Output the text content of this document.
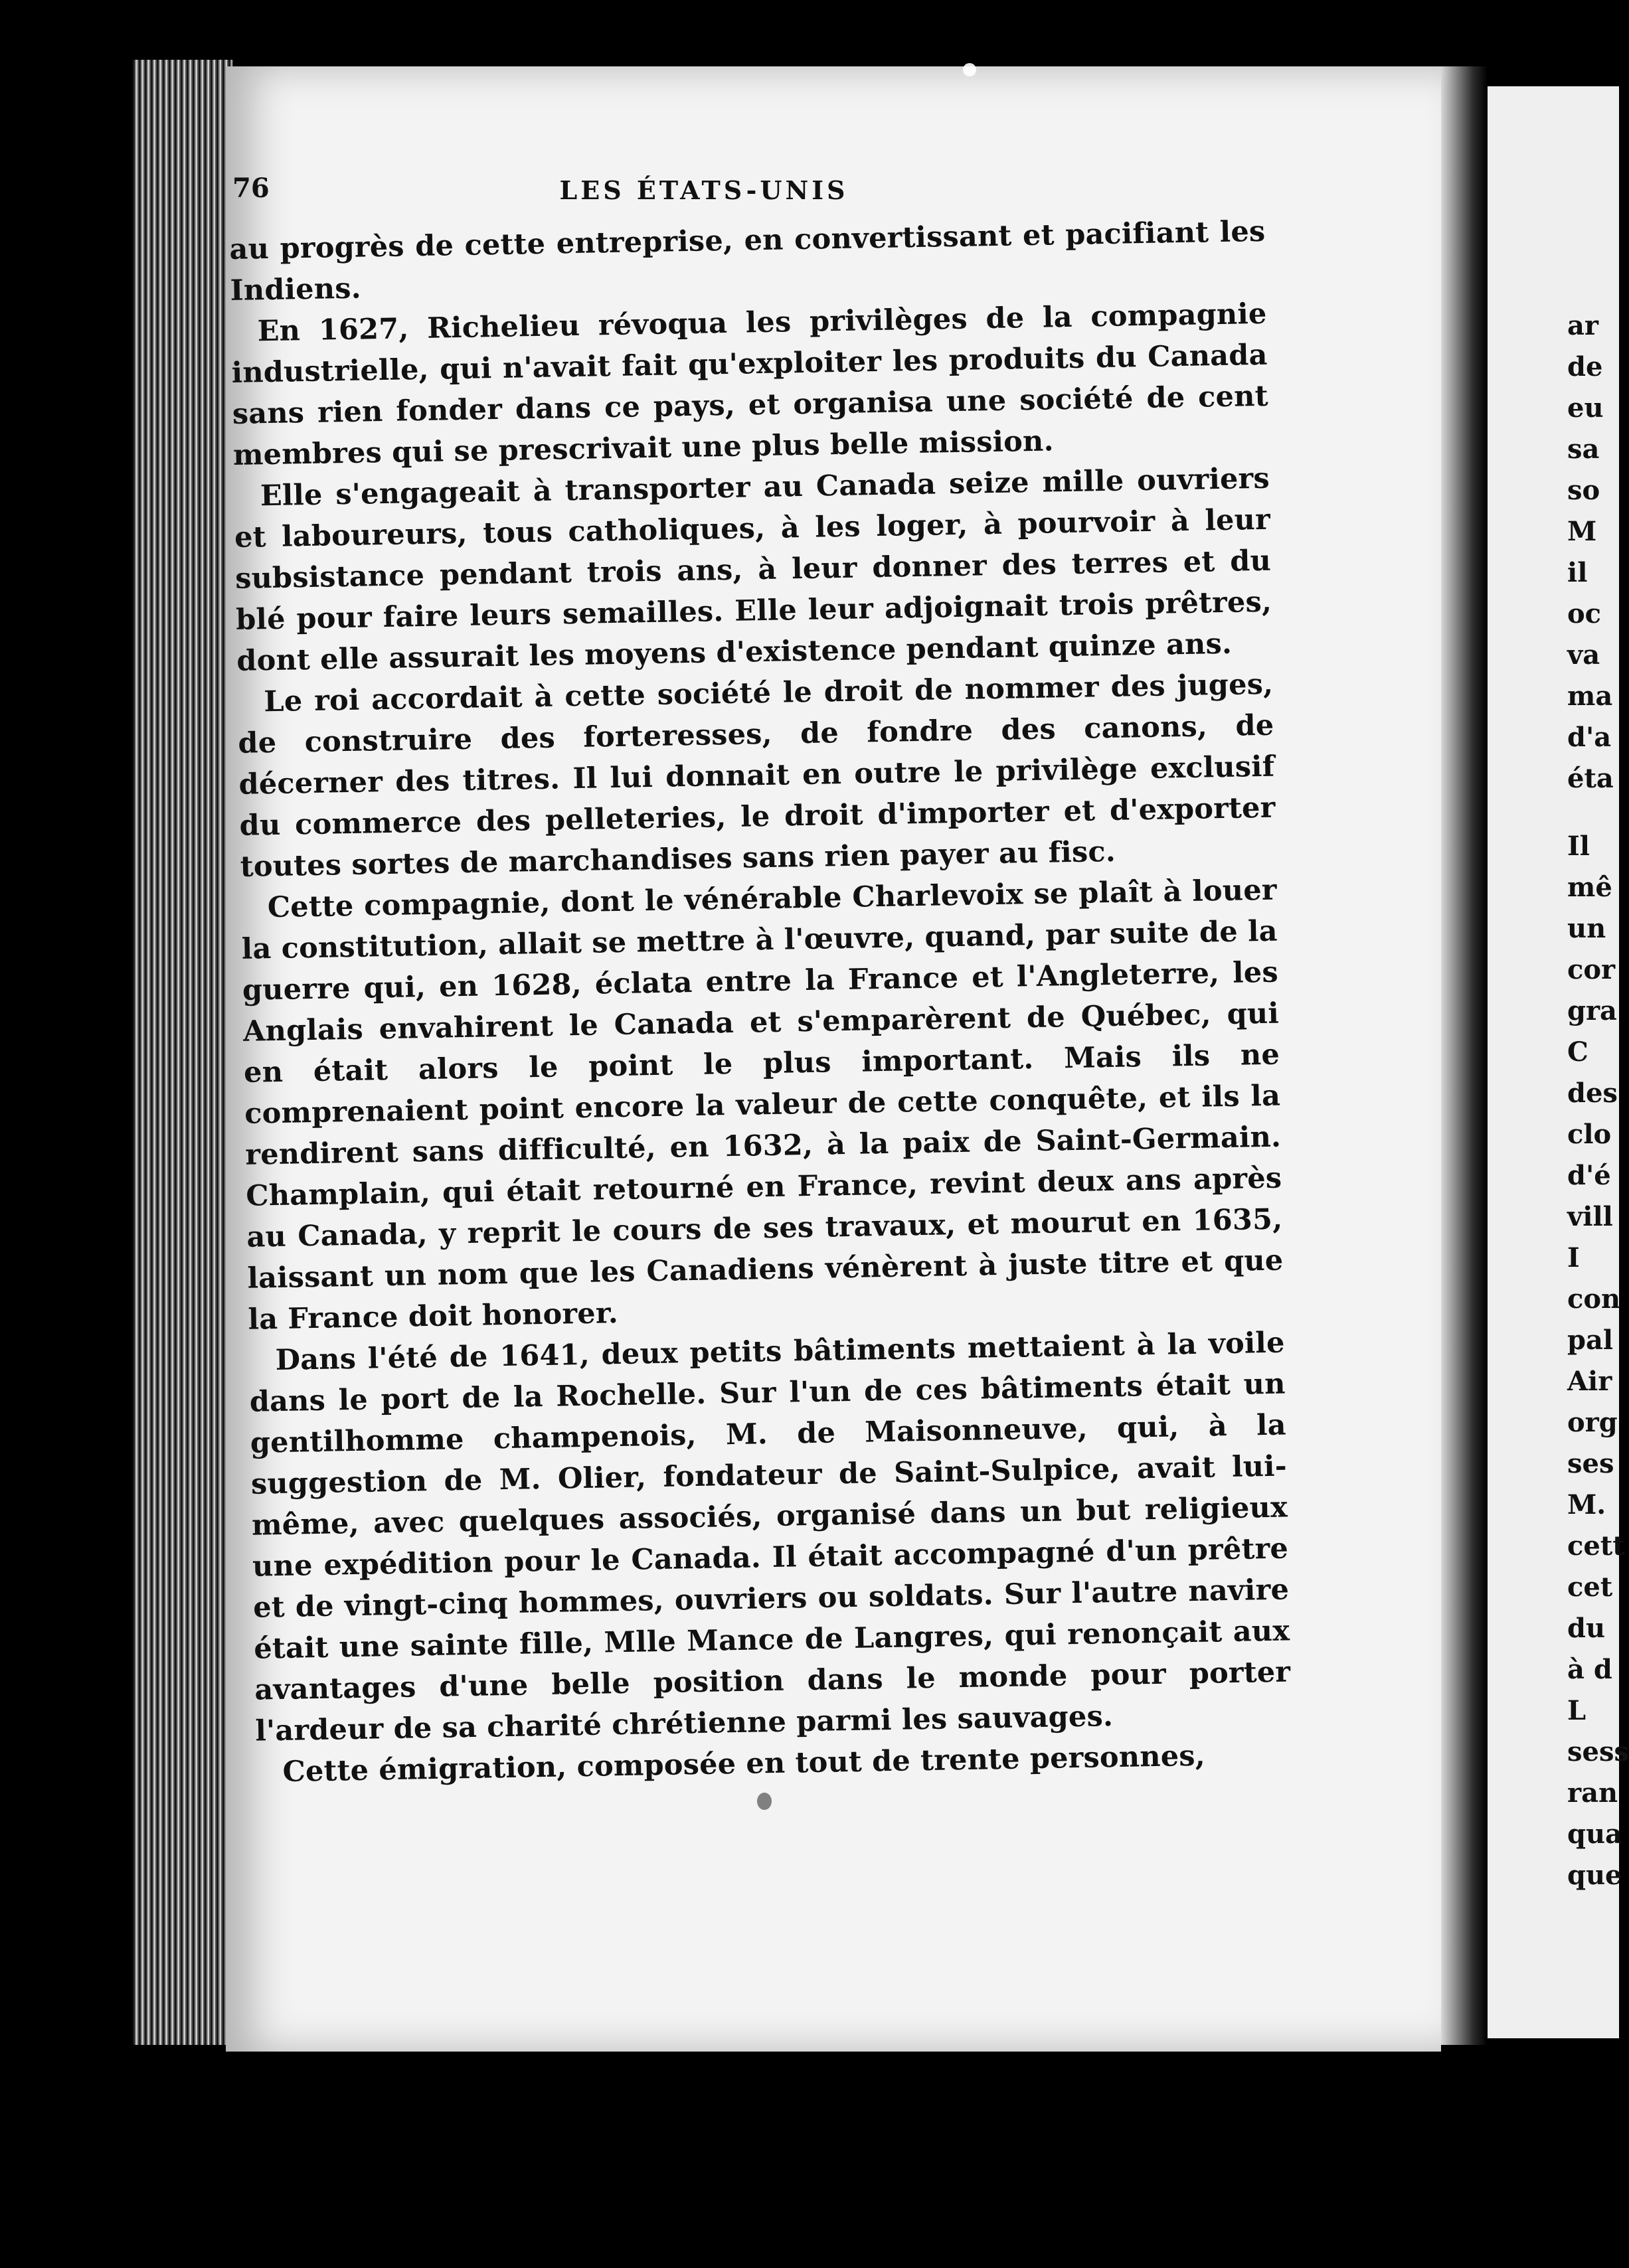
ar
de
eu
sa
so
M
il
oc
va
ma
d'a
éta
Il
mê
un
cor
gra
C
des
clo
d'é
vill
I
con
pal
Air
org
ses
M.
cett
cet
du
à d
L
sess
ran
qua
que
76	LES ÉTATS-UNIS

au progrès de cette entreprise, en convertissant et pacifiant les Indiens.

En 1627, Richelieu révoqua les privilèges de la compagnie industrielle, qui n'avait fait qu'exploiter les produits du Canada sans rien fonder dans ce pays, et organisa une société de cent membres qui se prescrivait une plus belle mission.

Elle s'engageait à transporter au Canada seize mille ouvriers et laboureurs, tous catholiques, à les loger, à pourvoir à leur subsistance pendant trois ans, à leur donner des terres et du blé pour faire leurs semailles. Elle leur adjoignait trois prêtres, dont elle assurait les moyens d'existence pendant quinze ans.

Le roi accordait à cette société le droit de nommer des juges, de construire des forteresses, de fondre des canons, de décerner des titres. Il lui donnait en outre le privilège exclusif du commerce des pelleteries, le droit d'importer et d'exporter toutes sortes de marchandises sans rien payer au fisc.

Cette compagnie, dont le vénérable Charlevoix se plaît à louer la constitution, allait se mettre à l'œuvre, quand, par suite de la guerre qui, en 1628, éclata entre la France et l'Angleterre, les Anglais envahirent le Canada et s'emparèrent de Québec, qui en était alors le point le plus important. Mais ils ne comprenaient point encore la valeur de cette conquête, et ils la rendirent sans difficulté, en 1632, à la paix de Saint-Germain. Champlain, qui était retourné en France, revint deux ans après au Canada, y reprit le cours de ses travaux, et mourut en 1635, laissant un nom que les Canadiens vénèrent à juste titre et que la France doit honorer.

Dans l'été de 1641, deux petits bâtiments mettaient à la voile dans le port de la Rochelle. Sur l'un de ces bâtiments était un gentilhomme champenois, M. de Maisonneuve, qui, à la suggestion de M. Olier, fondateur de Saint-Sulpice, avait lui-même, avec quelques associés, organisé dans un but religieux une expédition pour le Canada. Il était accompagné d'un prêtre et de vingt-cinq hommes, ouvriers ou soldats. Sur l'autre navire était une sainte fille, Mlle Mance de Langres, qui renonçait aux avantages d'une belle position dans le monde pour porter l'ardeur de sa charité chrétienne parmi les sauvages.

Cette émigration, composée en tout de trente personnes,
